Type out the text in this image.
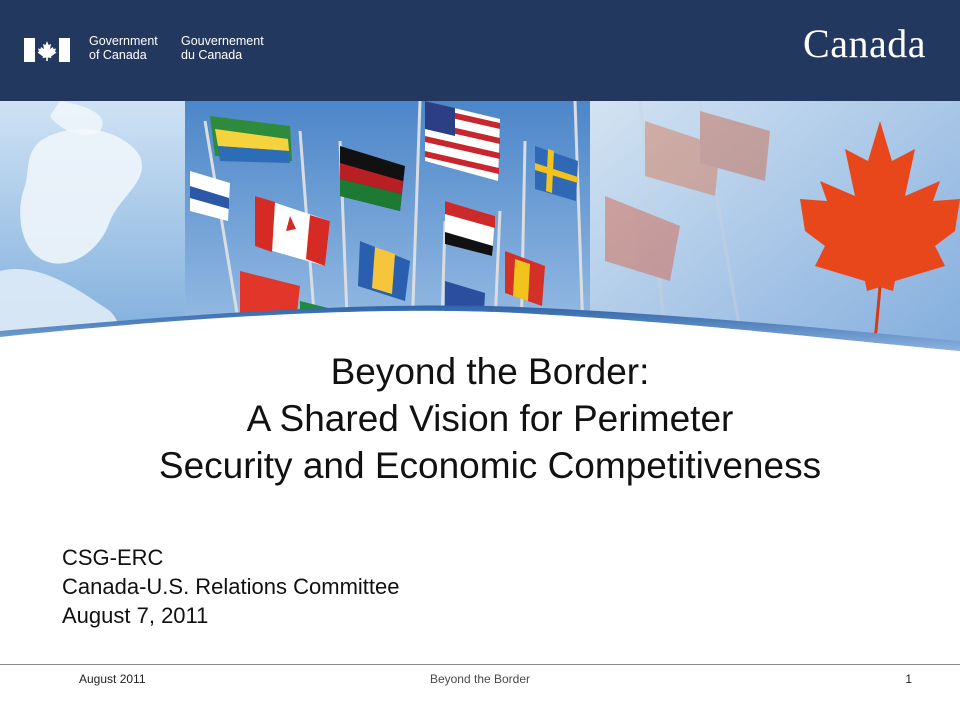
Government
of Canada
Gouvernement
du Canada	Canada
Beyond the Border:
A Shared Vision for Perimeter
Security and Economic Competitiveness
CSG-ERC
Canada-U.S. Relations Committee
August 7, 2011
August 2011	Beyond the Border	1
